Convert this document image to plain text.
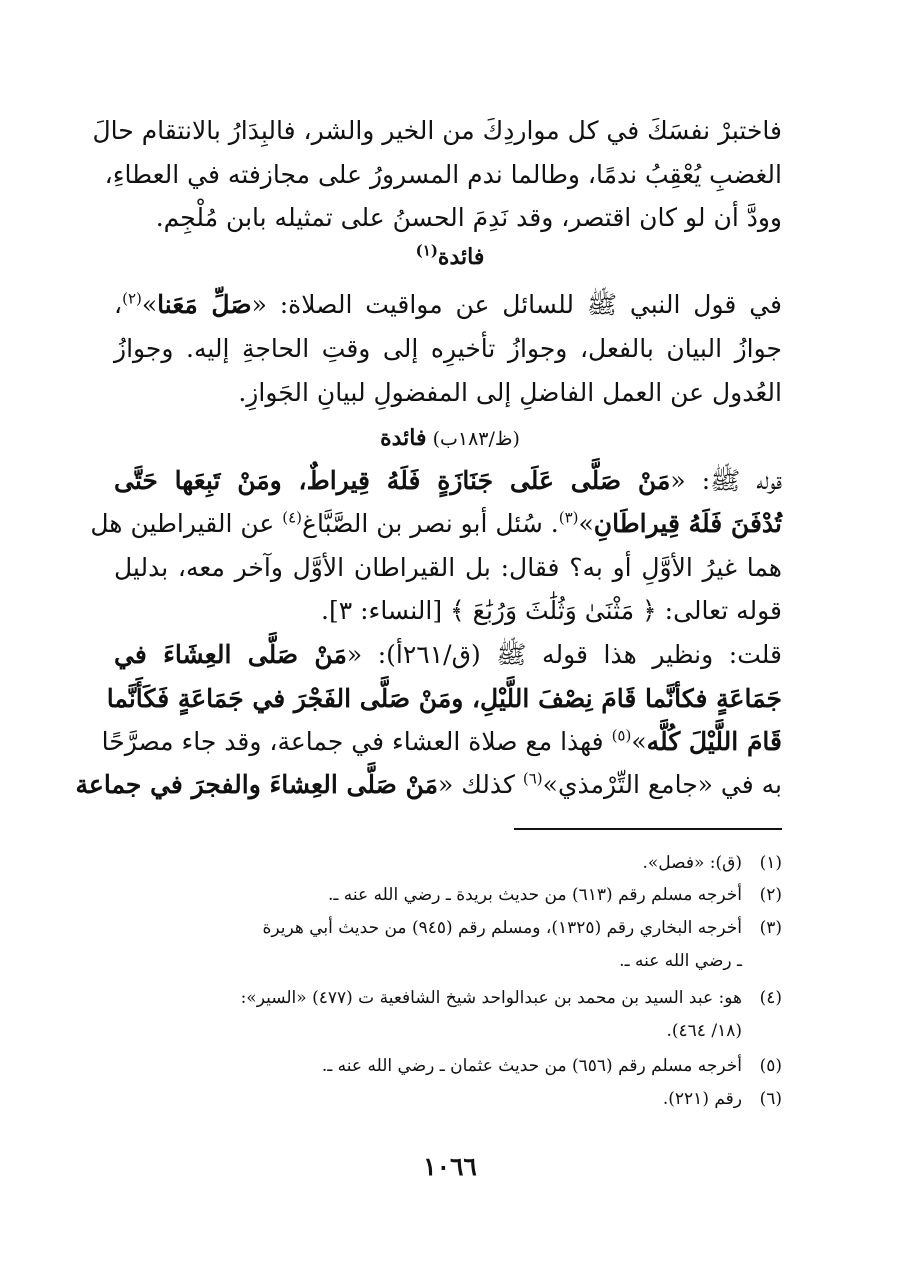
فاختبرْ نفسَكَ في كل مواردِكَ من الخير والشر، فالبِدَارُ بالانتقام حالَ
الغضبِ يُعْقِبُ ندمًا، وطالما ندم المسرورُ على مجازفته في العطاءِ،
وودَّ أن لو كان اقتصر، وقد نَدِمَ الحسنُ على تمثيله بابن مُلْجِم.
فائدة$^{(١)}$
في قول النبي ﷺ للسائل عن مواقيت الصلاة: «صَلِّ مَعَنا»$^{(٢)}$،
جوازُ البيان بالفعل، وجوازُ تأخيرِه إلى وقتِ الحاجةِ إليه. وجوازُ
العُدول عن العمل الفاضلِ إلى المفضولِ لبيانِ الجَوازِ.
(ظ/١٨٣ب) فائدة
قوله ﷺ: «مَنْ صَلَّى عَلَى جَنَازَةٍ فَلَهُ قِيراطٌ، ومَنْ تَبِعَها حَتَّى
تُدْفَنَ فَلَهُ قِيراطَانِ»$^{(٣)}$. سُئل أبو نصر بن الصَّبَّاغ$^{(٤)}$ عن القيراطين هل
هما غيرُ الأوَّلِ أو به؟ فقال: بل القيراطان الأوَّل وآخر معه، بدليل
قوله تعالى: ﴿ مَثْنَىٰ وَثُلَٰثَ وَرُبَٰعَ ﴾ [النساء: ٣].
قلت: ونظير هذا قوله ﷺ (ق/٢٦١أ): «مَنْ صَلَّى العِشَاءَ في
جَمَاعَةٍ فكأنَّما قَامَ نِصْفَ اللَّيْلِ، ومَنْ صَلَّى الفَجْرَ في جَمَاعَةٍ فَكَأَنَّما
قَامَ اللَّيْلَ كُلَّه»$^{(٥)}$ فهذا مع صلاة العشاء في جماعة، وقد جاء مصرَّحًا
به في «جامع التِّرْمذي»$^{(٦)}$ كذلك «مَنْ صَلَّى العِشاءَ والفجرَ في جماعة
(١)(ق): «فصل».
(٢)أخرجه مسلم رقم (٦١٣) من حديث بريدة ـ رضي الله عنه ـ.
(٣)أخرجه البخاري رقم (١٣٢٥)، ومسلم رقم (٩٤٥) من حديث أبي هريرة
ـ رضي الله عنه ـ.
(٤)هو: عبد السيد بن محمد بن عبدالواحد شيخ الشافعية ت (٤٧٧) «السير»:
(١٨/ ٤٦٤).
(٥)أخرجه مسلم رقم (٦٥٦) من حديث عثمان ـ رضي الله عنه ـ.
(٦)رقم (٢٢١).
١٠٦٦
